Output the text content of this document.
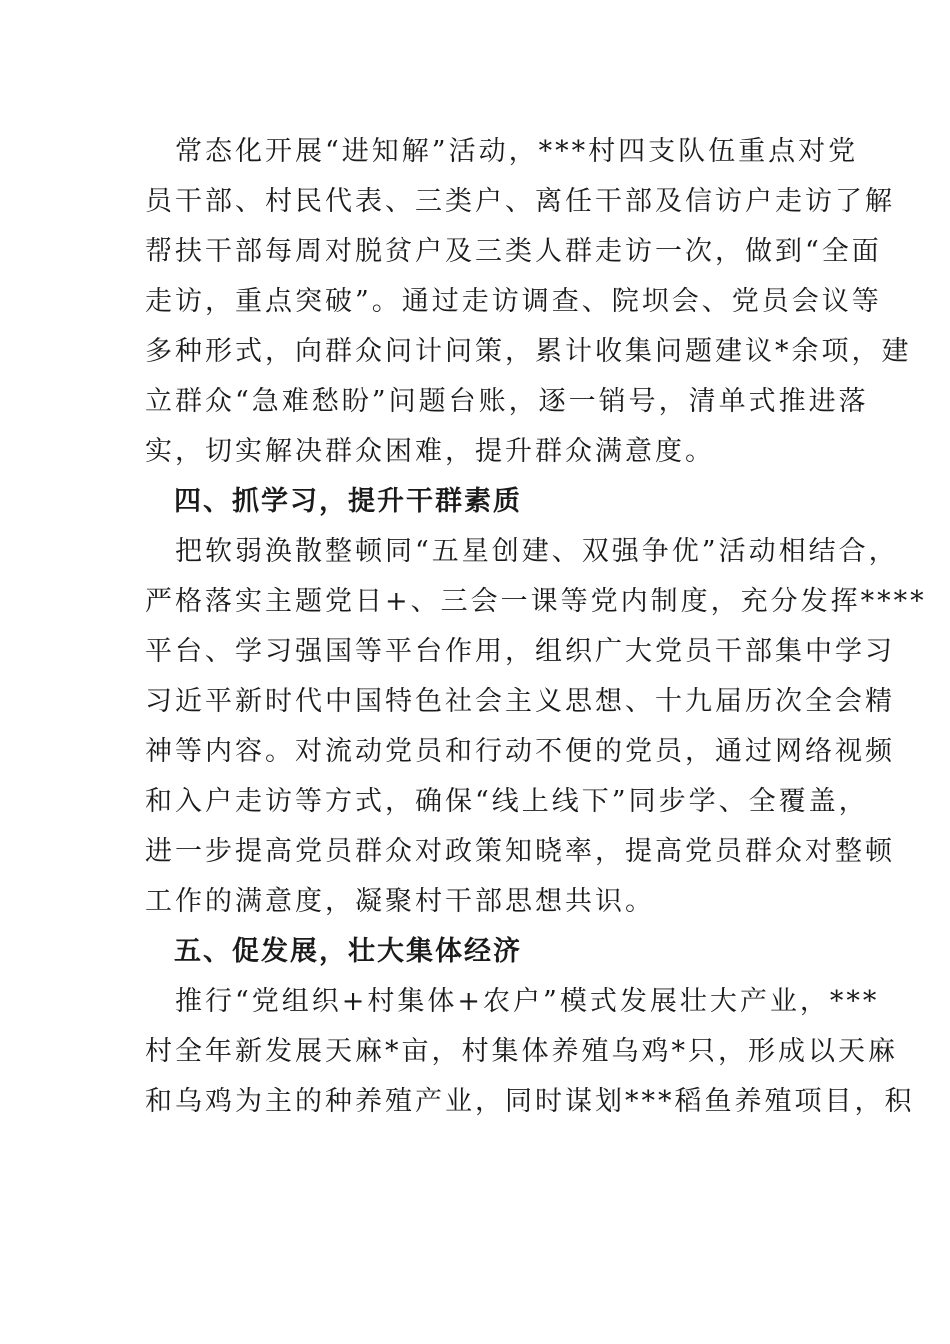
　常态化开展“进知解”活动，***村四支队伍重点对党
员干部、村民代表、三类户、离任干部及信访户走访了解
帮扶干部每周对脱贫户及三类人群走访一次，做到“全面
走访，重点突破”。通过走访调查、院坝会、党员会议等
多种形式，向群众问计问策，累计收集问题建议*余项，建
立群众“急难愁盼”问题台账，逐一销号，清单式推进落
实，切实解决群众困难，提升群众满意度。
　四、抓学习，提升干群素质
　把软弱涣散整顿同“五星创建、双强争优”活动相结合，
严格落实主题党日+、三会一课等党内制度，充分发挥****
平台、学习强国等平台作用，组织广大党员干部集中学习
习近平新时代中国特色社会主义思想、十九届历次全会精
神等内容。对流动党员和行动不便的党员，通过网络视频
和入户走访等方式，确保“线上线下”同步学、全覆盖，
进一步提高党员群众对政策知晓率，提高党员群众对整顿
工作的满意度，凝聚村干部思想共识。
　五、促发展，壮大集体经济
　推行“党组织+村集体+农户”模式发展壮大产业，***
村全年新发展天麻*亩，村集体养殖乌鸡*只，形成以天麻
和乌鸡为主的种养殖产业，同时谋划***稻鱼养殖项目，积
